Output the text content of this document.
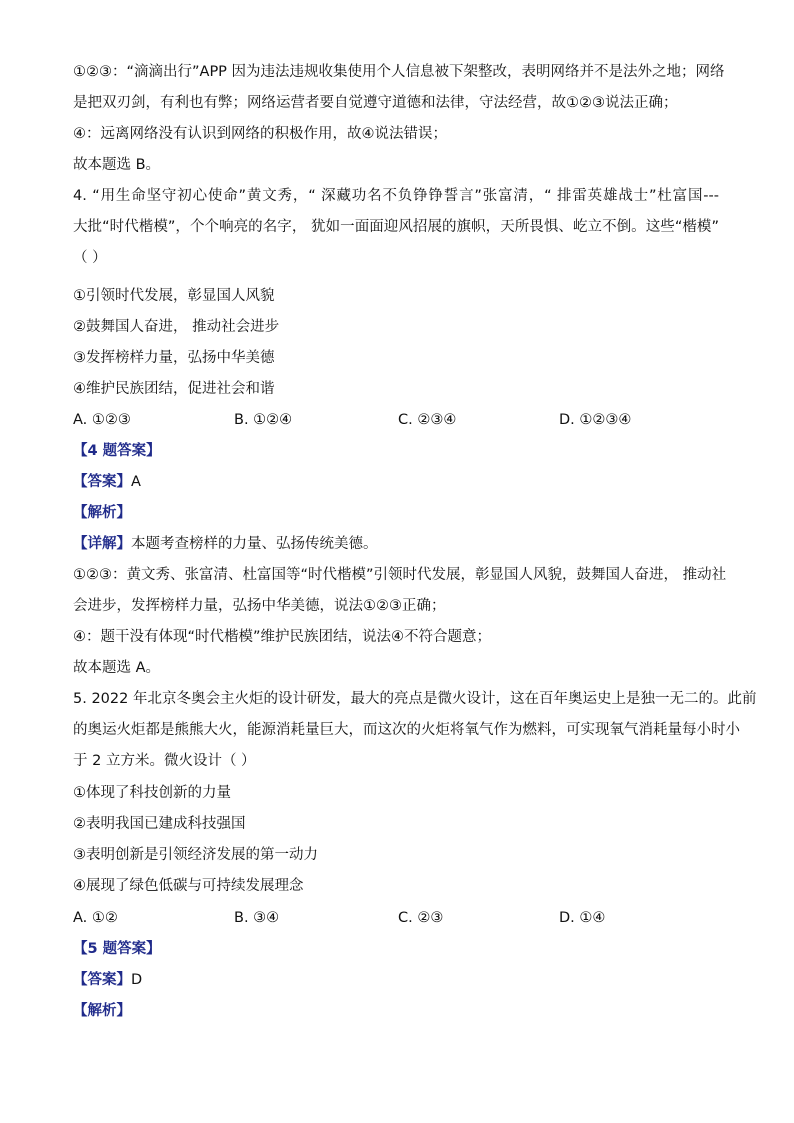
①②③：“滴滴出行”APP 因为违法违规收集使用个人信息被下架整改，表明网络并不是法外之地；网络
是把双刃剑，有利也有弊；网络运营者要自觉遵守道德和法律，守法经营，故①②③说法正确；
④：远离网络没有认识到网络的积极作用，故④说法错误；
故本题选 B。
4. “用生命坚守初心使命”黄文秀，“ 深藏功名不负铮铮誓言”张富清，“ 排雷英雄战士”杜富国---
大批“时代楷模”，个个响亮的名字， 犹如一面面迎风招展的旗帜，天所畏惧、屹立不倒。这些“楷模”
（ ）
①引领时代发展，彰显国人风貌
②鼓舞国人奋进， 推动社会进步
③发挥榜样力量，弘扬中华美德
④维护民族团结，促进社会和谐
A. ①②③	B. ①②④	C. ②③④	D. ①②③④
【4 题答案】
【答案】A
【解析】
【详解】本题考查榜样的力量、弘扬传统美德。
①②③：黄文秀、张富清、杜富国等“时代楷模”引领时代发展，彰显国人风貌，鼓舞国人奋进， 推动社
会进步，发挥榜样力量，弘扬中华美德，说法①②③正确；
④：题干没有体现“时代楷模”维护民族团结，说法④不符合题意；
故本题选 A。
5. 2022 年北京冬奥会主火炬的设计研发，最大的亮点是微火设计，这在百年奥运史上是独一无二的。此前
的奥运火炬都是熊熊大火，能源消耗量巨大，而这次的火炬将氧气作为燃料，可实现氧气消耗量每小时小
于 2 立方米。微火设计（ ）
①体现了科技创新的力量
②表明我国已建成科技强国
③表明创新是引领经济发展的第一动力
④展现了绿色低碳与可持续发展理念
A. ①②	B. ③④	C. ②③	D. ①④
【5 题答案】
【答案】D
【解析】
